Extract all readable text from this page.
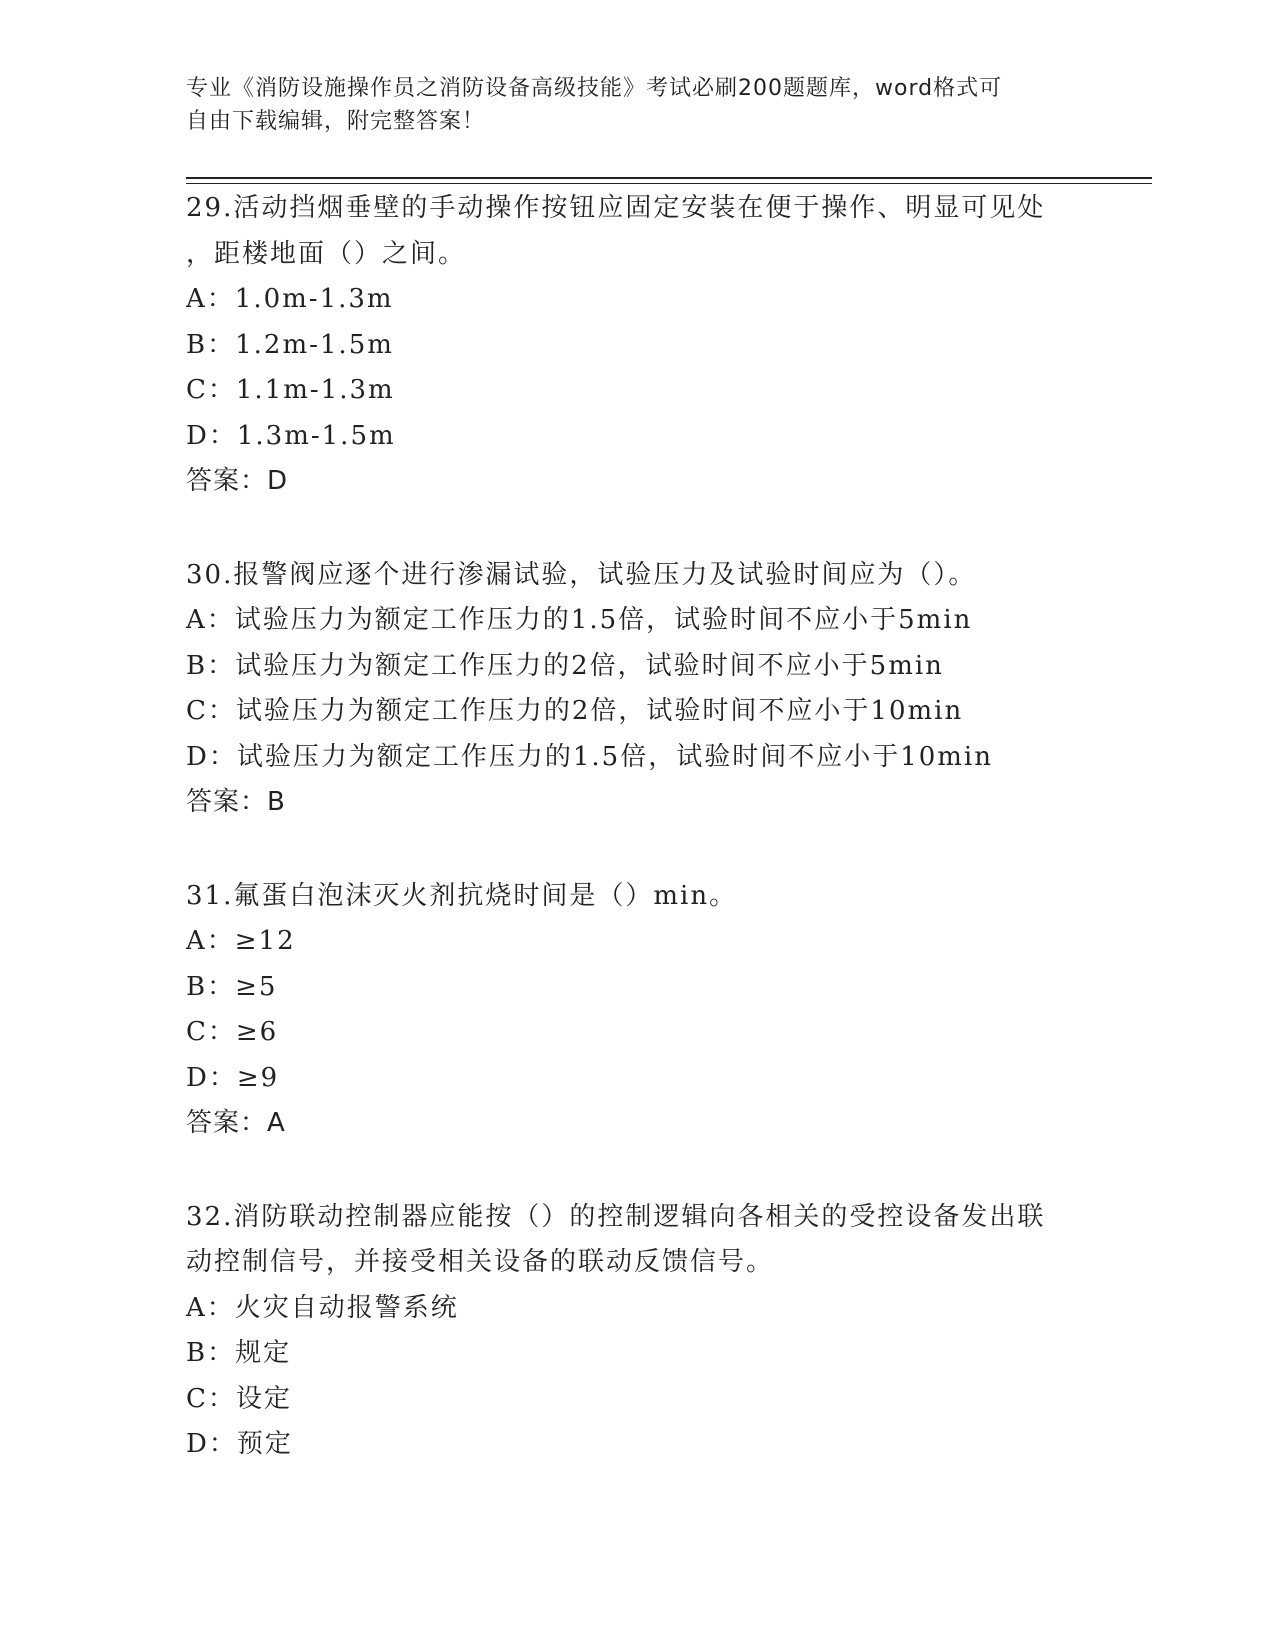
专业《消防设施操作员之消防设备高级技能》考试必刷200题题库，word格式可
自由下载编辑，附完整答案！
29.活动挡烟垂壁的手动操作按钮应固定安装在便于操作、明显可见处
，距楼地面（）之间。
A：1.0m-1.3m
B：1.2m-1.5m
C：1.1m-1.3m
D：1.3m-1.5m
答案：D
30.报警阀应逐个进行渗漏试验，试验压力及试验时间应为（）。
A：试验压力为额定工作压力的1.5倍，试验时间不应小于5min
B：试验压力为额定工作压力的2倍，试验时间不应小于5min
C：试验压力为额定工作压力的2倍，试验时间不应小于10min
D：试验压力为额定工作压力的1.5倍，试验时间不应小于10min
答案：B
31.氟蛋白泡沫灭火剂抗烧时间是（）min。
A：≥12
B：≥5
C：≥6
D：≥9
答案：A
32.消防联动控制器应能按（）的控制逻辑向各相关的受控设备发出联
动控制信号，并接受相关设备的联动反馈信号。
A：火灾自动报警系统
B：规定
C：设定
D：预定
